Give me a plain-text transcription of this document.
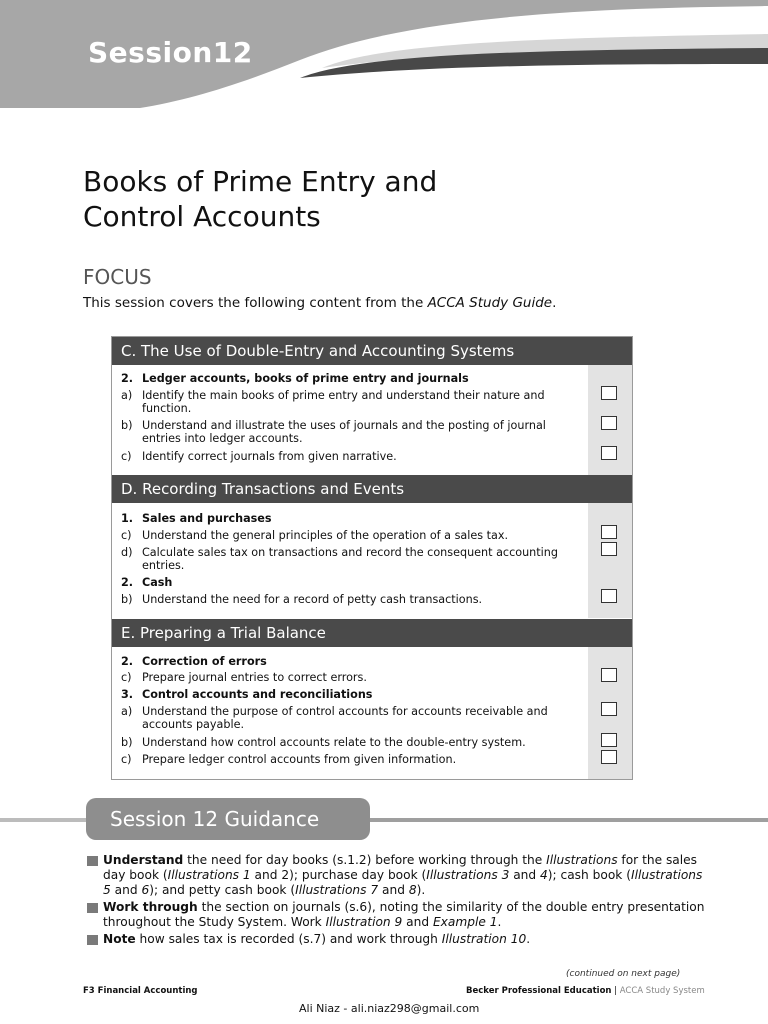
Session12
Books of Prime Entry and
Control Accounts
FOCUS
This session covers the following content from the ACCA Study Guide.
C. The Use of Double-Entry and Accounting Systems
2. Ledger accounts, books of prime entry and journals
a) Identify the main books of prime entry and understand their nature and function.
b) Understand and illustrate the uses of journals and the posting of journal entries into ledger accounts.
c) Identify correct journals from given narrative.
D. Recording Transactions and Events
1. Sales and purchases
c) Understand the general principles of the operation of a sales tax.
d) Calculate sales tax on transactions and record the consequent accounting entries.
2. Cash
b) Understand the need for a record of petty cash transactions.
E. Preparing a Trial Balance
2. Correction of errors
c) Prepare journal entries to correct errors.
3. Control accounts and reconciliations
a) Understand the purpose of control accounts for accounts receivable and accounts payable.
b) Understand how control accounts relate to the double-entry system.
c) Prepare ledger control accounts from given information.
Session 12 Guidance
Understand the need for day books (s.1.2) before working through the Illustrations for the sales day book (Illustrations 1 and 2); purchase day book (Illustrations 3 and 4); cash book (Illustrations 5 and 6); and petty cash book (Illustrations 7 and 8).
Work through the section on journals (s.6), noting the similarity of the double entry presentation throughout the Study System. Work Illustration 9 and Example 1.
Note how sales tax is recorded (s.7) and work through Illustration 10.
(continued on next page)
F3 Financial Accounting	Becker Professional Education | ACCA Study System
Ali Niaz - ali.niaz298@gmail.com
